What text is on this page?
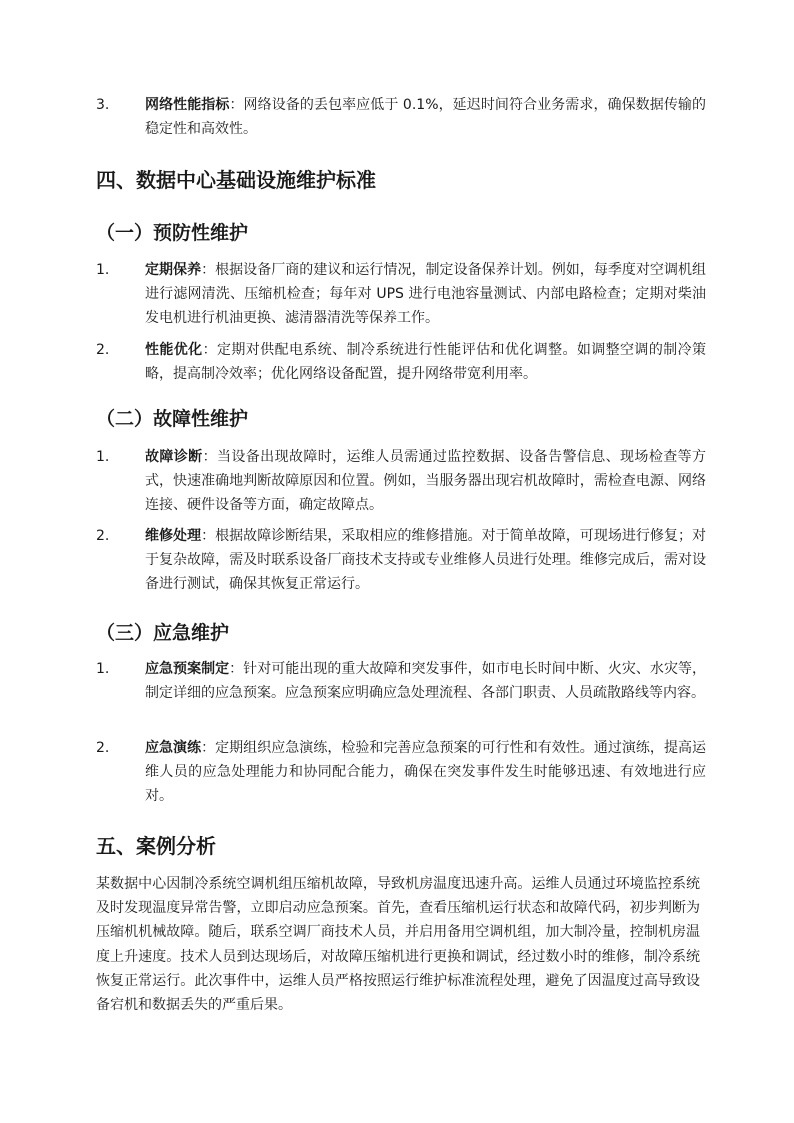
3.	网络性能指标：网络设备的丢包率应低于 0.1%，延迟时间符合业务需求，确保数据传输的稳定性和高效性。
四、数据中心基础设施维护标准
（一）预防性维护
1.	定期保养：根据设备厂商的建议和运行情况，制定设备保养计划。例如，每季度对空调机组进行滤网清洗、压缩机检查；每年对 UPS 进行电池容量测试、内部电路检查；定期对柴油发电机进行机油更换、滤清器清洗等保养工作。
2.	性能优化：定期对供配电系统、制冷系统进行性能评估和优化调整。如调整空调的制冷策略，提高制冷效率；优化网络设备配置，提升网络带宽利用率。
（二）故障性维护
1.	故障诊断：当设备出现故障时，运维人员需通过监控数据、设备告警信息、现场检查等方式，快速准确地判断故障原因和位置。例如，当服务器出现宕机故障时，需检查电源、网络连接、硬件设备等方面，确定故障点。
2.	维修处理：根据故障诊断结果，采取相应的维修措施。对于简单故障，可现场进行修复；对于复杂故障，需及时联系设备厂商技术支持或专业维修人员进行处理。维修完成后，需对设备进行测试，确保其恢复正常运行。
（三）应急维护
1.	应急预案制定：针对可能出现的重大故障和突发事件，如市电长时间中断、火灾、水灾等，制定详细的应急预案。应急预案应明确应急处理流程、各部门职责、人员疏散路线等内容。
2.	应急演练：定期组织应急演练，检验和完善应急预案的可行性和有效性。通过演练，提高运维人员的应急处理能力和协同配合能力，确保在突发事件发生时能够迅速、有效地进行应对。
五、案例分析
某数据中心因制冷系统空调机组压缩机故障，导致机房温度迅速升高。运维人员通过环境监控系统及时发现温度异常告警，立即启动应急预案。首先，查看压缩机运行状态和故障代码，初步判断为压缩机机械故障。随后，联系空调厂商技术人员，并启用备用空调机组，加大制冷量，控制机房温度上升速度。技术人员到达现场后，对故障压缩机进行更换和调试，经过数小时的维修，制冷系统恢复正常运行。此次事件中，运维人员严格按照运行维护标准流程处理，避免了因温度过高导致设备宕机和数据丢失的严重后果。
